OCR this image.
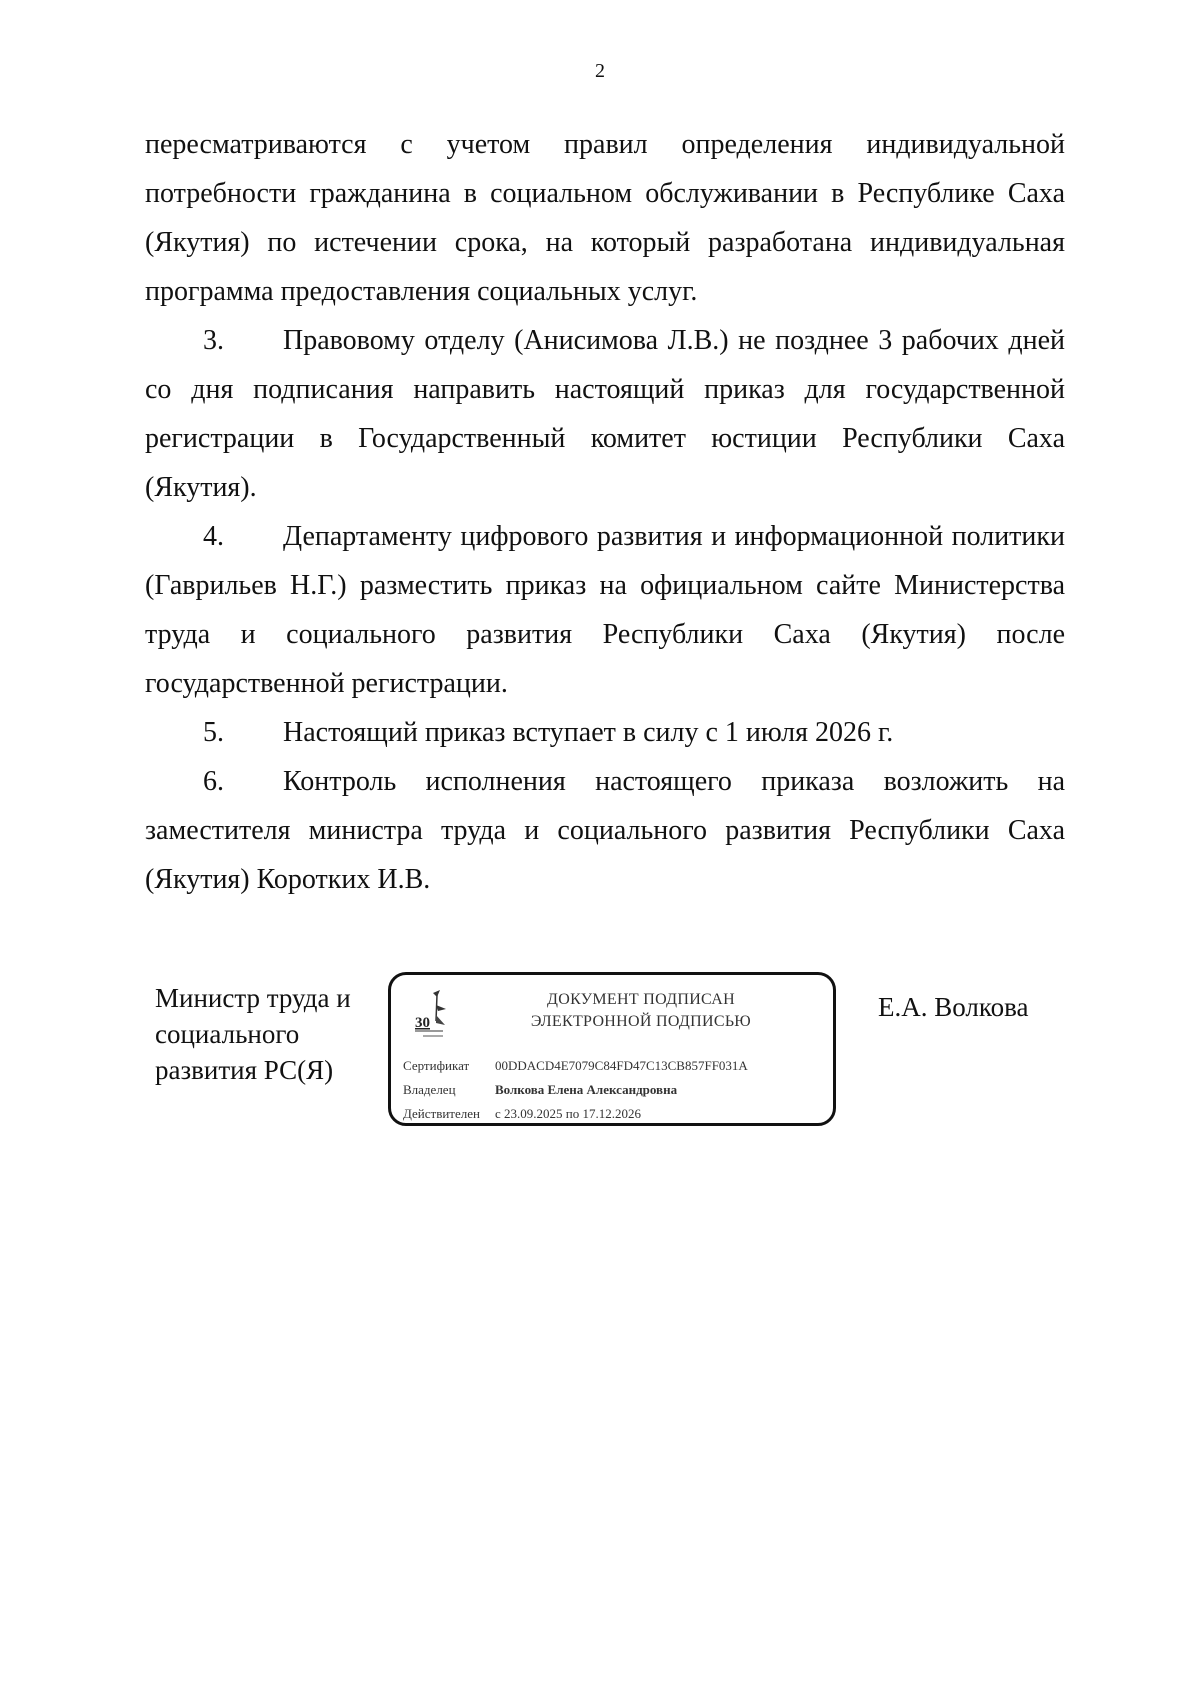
2

пересматриваются с учетом правил определения индивидуальной потребности гражданина в социальном обслуживании в Республике Саха (Якутия) по истечении срока, на который разработана индивидуальная программа предоставления социальных услуг.

3. Правовому отделу (Анисимова Л.В.) не позднее 3 рабочих дней со дня подписания направить настоящий приказ для государственной регистрации в Государственный комитет юстиции Республики Саха (Якутия).

4. Департаменту цифрового развития и информационной политики (Гаврильев Н.Г.) разместить приказ на официальном сайте Министерства труда и социального развития Республики Саха (Якутия) после государственной регистрации.

5. Настоящий приказ вступает в силу с 1 июля 2026 г.

6. Контроль исполнения настоящего приказа возложить на заместителя министра труда и социального развития Республики Саха (Якутия) Коротких И.В.

Министр труда и
социального
развития РС(Я)
30
ДОКУМЕНТ ПОДПИСАН
ЭЛЕКТРОННОЙ ПОДПИСЬЮ
Сертификат 00DDACD4E7079C84FD47C13CB857FF031A
Владелец	Волкова Елена Александровна
Действителен с 23.09.2025 по 17.12.2026
Е.А. Волкова
